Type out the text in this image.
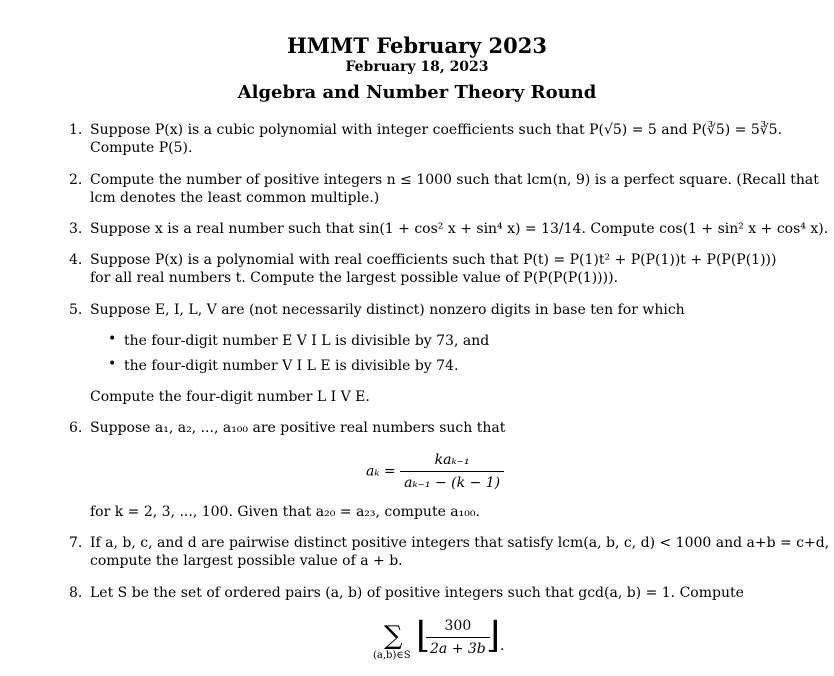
HMMT February 2023
February 18, 2023
Algebra and Number Theory Round
1. Suppose P(x) is a cubic polynomial with integer coefficients such that P(√5) = 5 and P(∛5) = 5∛5.
Compute P(5).
2. Compute the number of positive integers n ≤ 1000 such that lcm(n, 9) is a perfect square. (Recall that
lcm denotes the least common multiple.)
3. Suppose x is a real number such that sin(1 + cos² x + sin⁴ x) = 13/14. Compute cos(1 + sin² x + cos⁴ x).
4. Suppose P(x) is a polynomial with real coefficients such that P(t) = P(1)t² + P(P(1))t + P(P(P(1)))
for all real numbers t. Compute the largest possible value of P(P(P(P(1)))).
5. Suppose E, I, L, V are (not necessarily distinct) nonzero digits in base ten for which
• the four-digit number E V I L is divisible by 73, and
• the four-digit number V I L E is divisible by 74.
Compute the four-digit number L I V E.
6. Suppose a₁, a₂, ..., a₁₀₀ are positive real numbers such that
$a_k = \frac{\text{kaₖ₋₁}}{\text{aₖ₋₁ − (k − 1)}}$
for k = 2, 3, ..., 100. Given that a₂₀ = a₂₃, compute a₁₀₀.
7. If a, b, c, and d are pairwise distinct positive integers that satisfy lcm(a, b, c, d) < 1000 and a+b = c+d,
compute the largest possible value of a + b.
8. Let S be the set of ordered pairs (a, b) of positive integers such that gcd(a, b) = 1. Compute
∑
(a,b)∈S ⌊
$\frac{300}{2a + 3b}$
⌋ .
